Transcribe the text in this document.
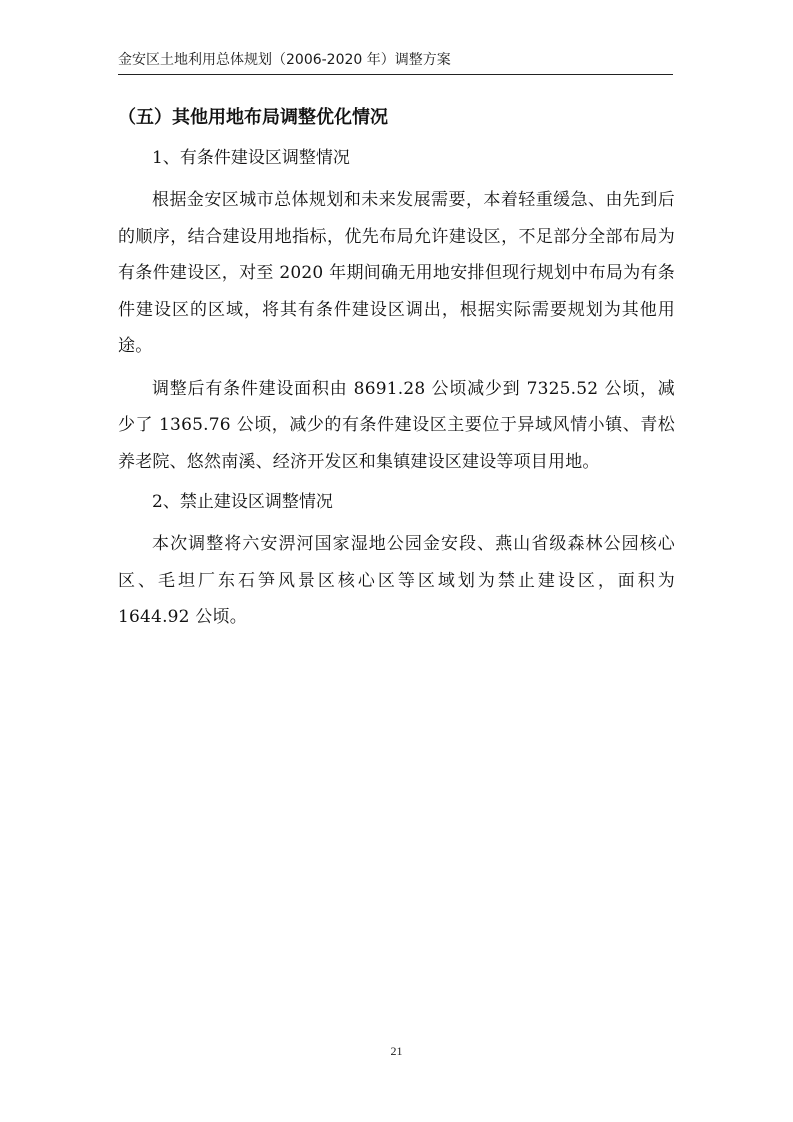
金安区土地利用总体规划（2006-2020 年）调整方案
（五）其他用地布局调整优化情况

1、有条件建设区调整情况

根据金安区城市总体规划和未来发展需要，本着轻重缓急、由先到后的顺序，结合建设用地指标，优先布局允许建设区，不足部分全部布局为有条件建设区，对至 2020 年期间确无用地安排但现行规划中布局为有条件建设区的区域，将其有条件建设区调出，根据实际需要规划为其他用途。

调整后有条件建设面积由 8691.28 公顷减少到 7325.52 公顷，减少了 1365.76 公顷，减少的有条件建设区主要位于异域风情小镇、青松养老院、悠然南溪、经济开发区和集镇建设区建设等项目用地。

2、禁止建设区调整情况

本次调整将六安淠河国家湿地公园金安段、燕山省级森林公园核心区、毛坦厂东石笋风景区核心区等区域划为禁止建设区，面积为 1644.92 公顷。

21
